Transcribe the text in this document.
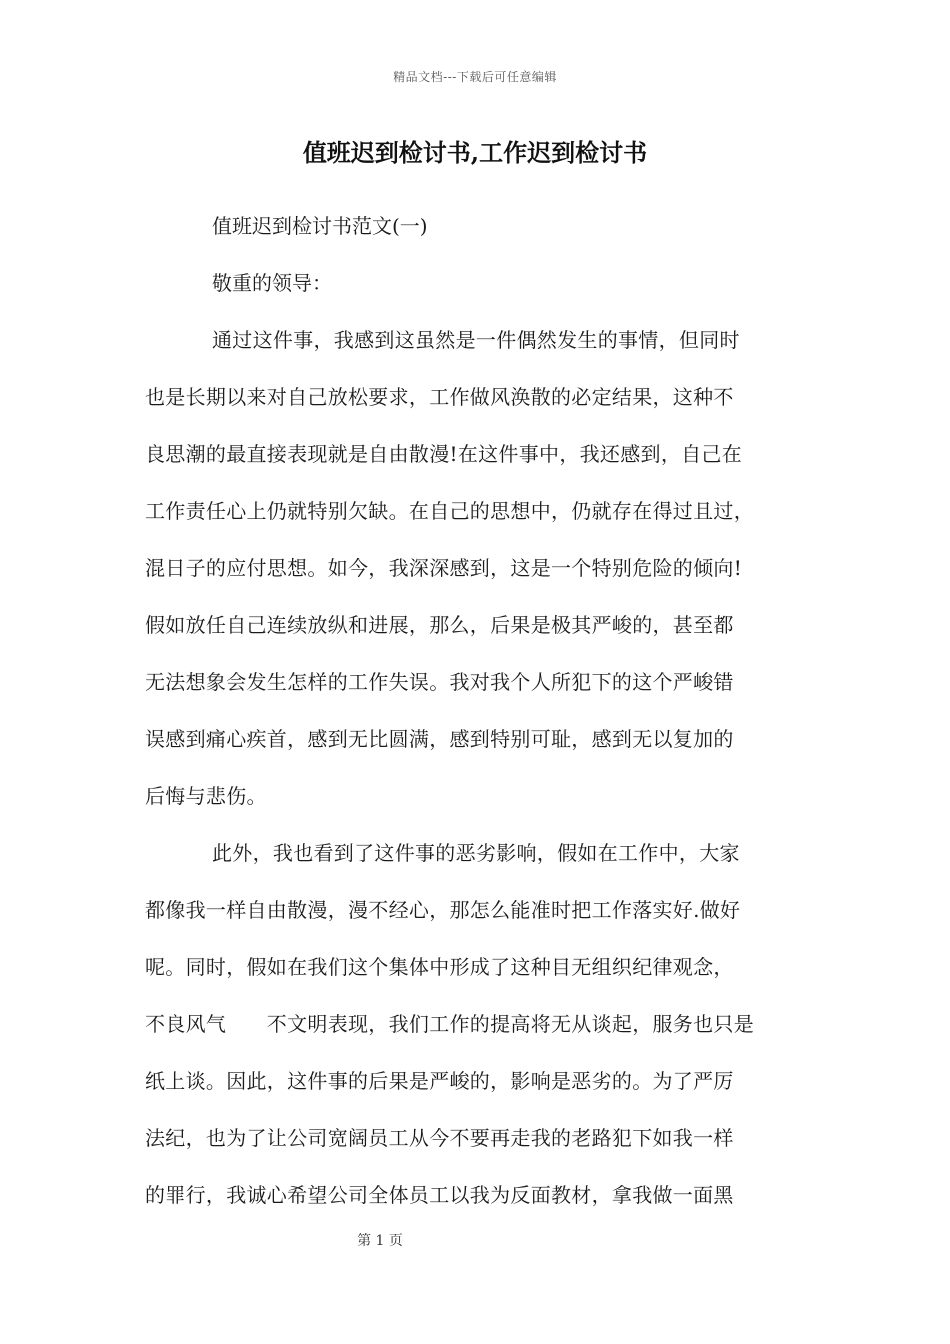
精品文档---下载后可任意编辑
值班迟到检讨书,工作迟到检讨书
值班迟到检讨书范文(一)
敬重的领导：
通过这件事，我感到这虽然是一件偶然发生的事情，但同时
也是长期以来对自己放松要求，工作做风涣散的必定结果，这种不
良思潮的最直接表现就是自由散漫!在这件事中，我还感到，自己在
工作责任心上仍就特别欠缺。在自己的思想中，仍就存在得过且过，
混日子的应付思想。如今，我深深感到，这是一个特别危险的倾向!
假如放任自己连续放纵和进展，那么，后果是极其严峻的，甚至都
无法想象会发生怎样的工作失误。我对我个人所犯下的这个严峻错
误感到痛心疾首，感到无比圆满，感到特别可耻，感到无以复加的
后悔与悲伤。
此外，我也看到了这件事的恶劣影响，假如在工作中，大家
都像我一样自由散漫，漫不经心，那怎么能准时把工作落实好.做好
呢。同时，假如在我们这个集体中形成了这种目无组织纪律观念，
不良风气　　不文明表现，我们工作的提高将无从谈起，服务也只是
纸上谈。因此，这件事的后果是严峻的，影响是恶劣的。为了严厉
法纪，也为了让公司宽阔员工从今不要再走我的老路犯下如我一样
的罪行，我诚心希望公司全体员工以我为反面教材，拿我做一面黑
第 1 页
